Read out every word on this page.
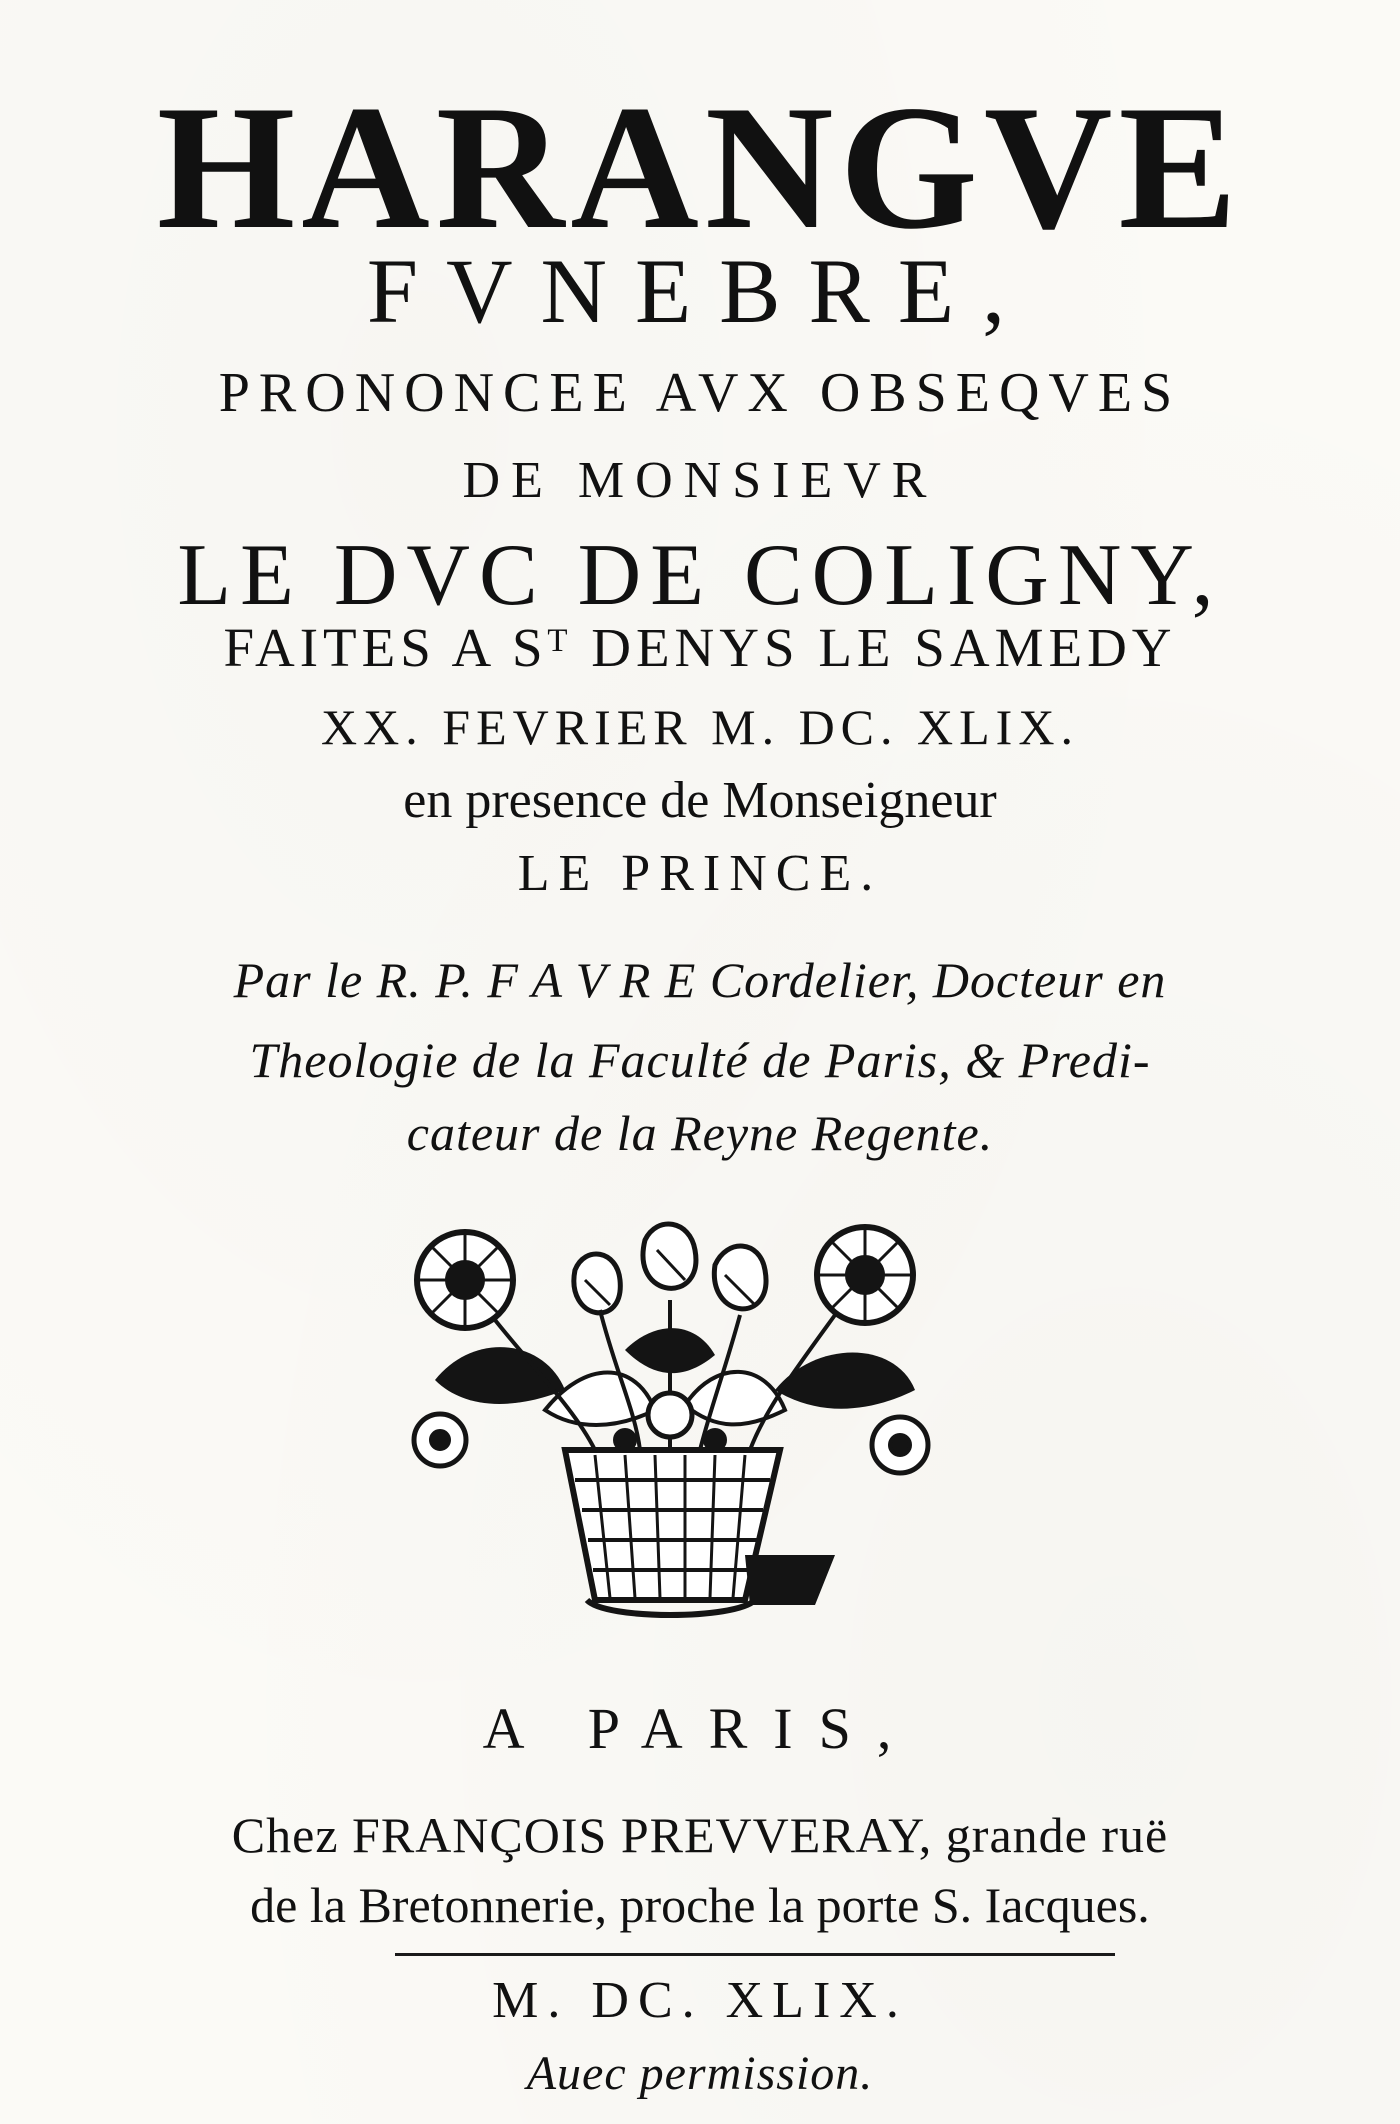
HARANGVE
FVNEBRE,
PRONONCEE AVX OBSEQVES
DE MONSIEVR
LE DVC DE COLIGNY,
FAITES A Sᵀ DENYS LE SAMEDY
XX. FEVRIER M. DC. XLIX.
en presence de Monseigneur
LE PRINCE.
Par le R. P. F A V R E Cordelier, Docteur en
Theologie de la Faculté de Paris, & Predi-
cateur de la Reyne Regente.
A PARIS,
Chez FRANÇOIS PREVVERAY, grande ruë
de la Bretonnerie, proche la porte S. Iacques.
M. DC. XLIX.
Auec permission.
